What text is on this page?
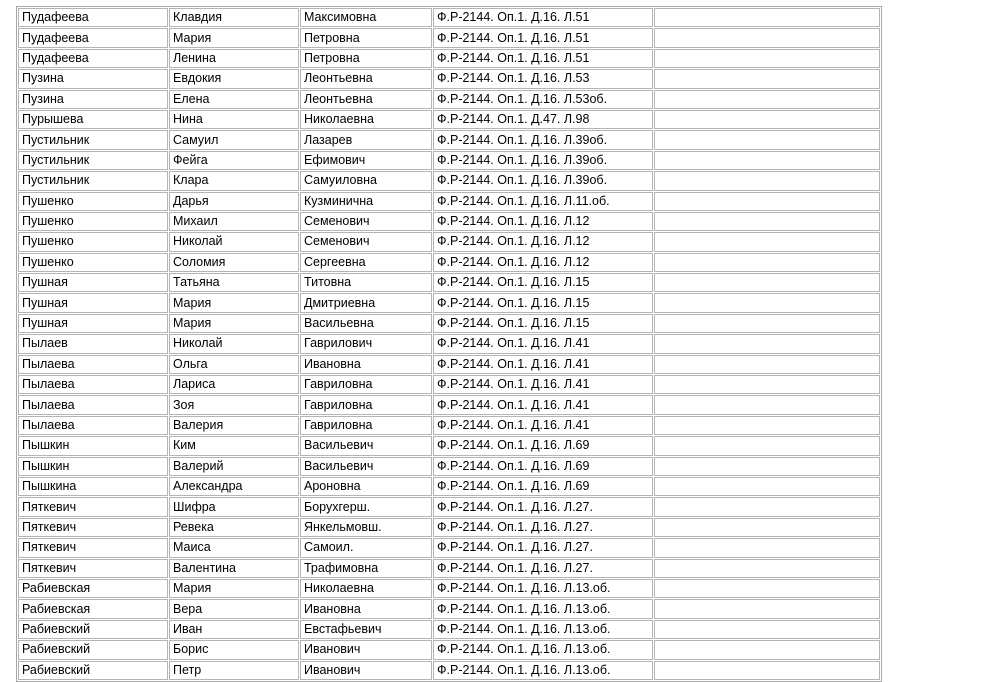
Пудафеева	Клавдия	Максимовна	Ф.Р-2144. Оп.1. Д.16. Л.51	
Пудафеева	Мария	Петровна	Ф.Р-2144. Оп.1. Д.16. Л.51	
Пудафеева	Ленина	Петровна	Ф.Р-2144. Оп.1. Д.16. Л.51	
Пузина	Евдокия	Леонтьевна	Ф.Р-2144. Оп.1. Д.16. Л.53	
Пузина	Елена	Леонтьевна	Ф.Р-2144. Оп.1. Д.16. Л.53об.	
Пурышева	Нина	Николаевна	Ф.Р-2144. Оп.1. Д.47. Л.98	
Пустильник	Самуил	Лазарев	Ф.Р-2144. Оп.1. Д.16. Л.39об.	
Пустильник	Фейга	Ефимович	Ф.Р-2144. Оп.1. Д.16. Л.39об.	
Пустильник	Клара	Самуиловна	Ф.Р-2144. Оп.1. Д.16. Л.39об.	
Пушенко	Дарья	Кузминична	Ф.Р-2144. Оп.1. Д.16. Л.11.об.	
Пушенко	Михаил	Семенович	Ф.Р-2144. Оп.1. Д.16. Л.12	
Пушенко	Николай	Семенович	Ф.Р-2144. Оп.1. Д.16. Л.12	
Пушенко	Соломия	Сергеевна	Ф.Р-2144. Оп.1. Д.16. Л.12	
Пушная	Татьяна	Титовна	Ф.Р-2144. Оп.1. Д.16. Л.15	
Пушная	Мария	Дмитриевна	Ф.Р-2144. Оп.1. Д.16. Л.15	
Пушная	Мария	Васильевна	Ф.Р-2144. Оп.1. Д.16. Л.15	
Пылаев	Николай	Гаврилович	Ф.Р-2144. Оп.1. Д.16. Л.41	
Пылаева	Ольга	Ивановна	Ф.Р-2144. Оп.1. Д.16. Л.41	
Пылаева	Лариса	Гавриловна	Ф.Р-2144. Оп.1. Д.16. Л.41	
Пылаева	Зоя	Гавриловна	Ф.Р-2144. Оп.1. Д.16. Л.41	
Пылаева	Валерия	Гавриловна	Ф.Р-2144. Оп.1. Д.16. Л.41	
Пышкин	Ким	Васильевич	Ф.Р-2144. Оп.1. Д.16. Л.69	
Пышкин	Валерий	Васильевич	Ф.Р-2144. Оп.1. Д.16. Л.69	
Пышкина	Александра	Ароновна	Ф.Р-2144. Оп.1. Д.16. Л.69	
Пяткевич	Шифра	Борухгерш.	Ф.Р-2144. Оп.1. Д.16. Л.27.	
Пяткевич	Ревека	Янкельмовш.	Ф.Р-2144. Оп.1. Д.16. Л.27.	
Пяткевич	Маиса	Самоил.	Ф.Р-2144. Оп.1. Д.16. Л.27.	
Пяткевич	Валентина	Трафимовна	Ф.Р-2144. Оп.1. Д.16. Л.27.	
Рабиевская	Мария	Николаевна	Ф.Р-2144. Оп.1. Д.16. Л.13.об.	
Рабиевская	Вера	Ивановна	Ф.Р-2144. Оп.1. Д.16. Л.13.об.	
Рабиевский	Иван	Евстафьевич	Ф.Р-2144. Оп.1. Д.16. Л.13.об.	
Рабиевский	Борис	Иванович	Ф.Р-2144. Оп.1. Д.16. Л.13.об.	
Рабиевский	Петр	Иванович	Ф.Р-2144. Оп.1. Д.16. Л.13.об.	
